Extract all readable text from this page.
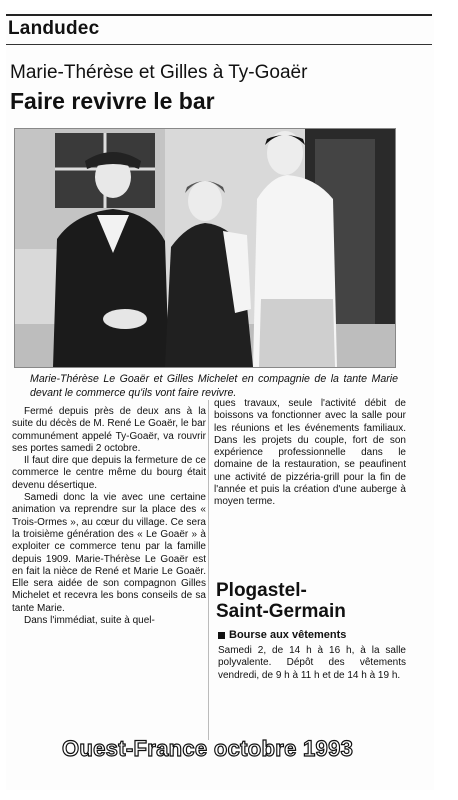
Landudec
Marie-Thérèse et Gilles à Ty-Goaër
Faire revivre le bar
Marie-Thérèse Le Goaër et Gilles Michelet en compagnie de la tante Marie devant le commerce qu'ils vont faire revivre.

Fermé depuis près de deux ans à la suite du décès de M. René Le Goaër, le bar communément appelé Ty-Goaër, va rouvrir ses portes samedi 2 octobre.

Il faut dire que depuis la fermeture de ce commerce le centre même du bourg était devenu désertique.

Samedi donc la vie avec une certaine animation va reprendre sur la place des « Trois-Ormes », au cœur du village. Ce sera la troisième génération des « Le Goaër » à exploiter ce commerce tenu par la famille depuis 1909. Marie-Thérèse Le Goaër est en fait la nièce de René et Marie Le Goaër. Elle sera aidée de son compagnon Gilles Michelet et recevra les bons conseils de sa tante Marie.

Dans l'immédiat, suite à quel-

ques travaux, seule l'activité débit de boissons va fonctionner avec la salle pour les réunions et les événements familiaux. Dans les projets du couple, fort de son expérience professionnelle dans le domaine de la restauration, se peaufinent une activité de pizzéria-grill pour la fin de l'année et puis la création d'une auberge à moyen terme.

Plogastel-
Saint-Germain
Bourse aux vêtements
Samedi 2, de 14 h à 16 h, à la salle polyvalente. Dépôt des vêtements vendredi, de 9 h à 11 h et de 14 h à 19 h.
Ouest-France octobre 1993
